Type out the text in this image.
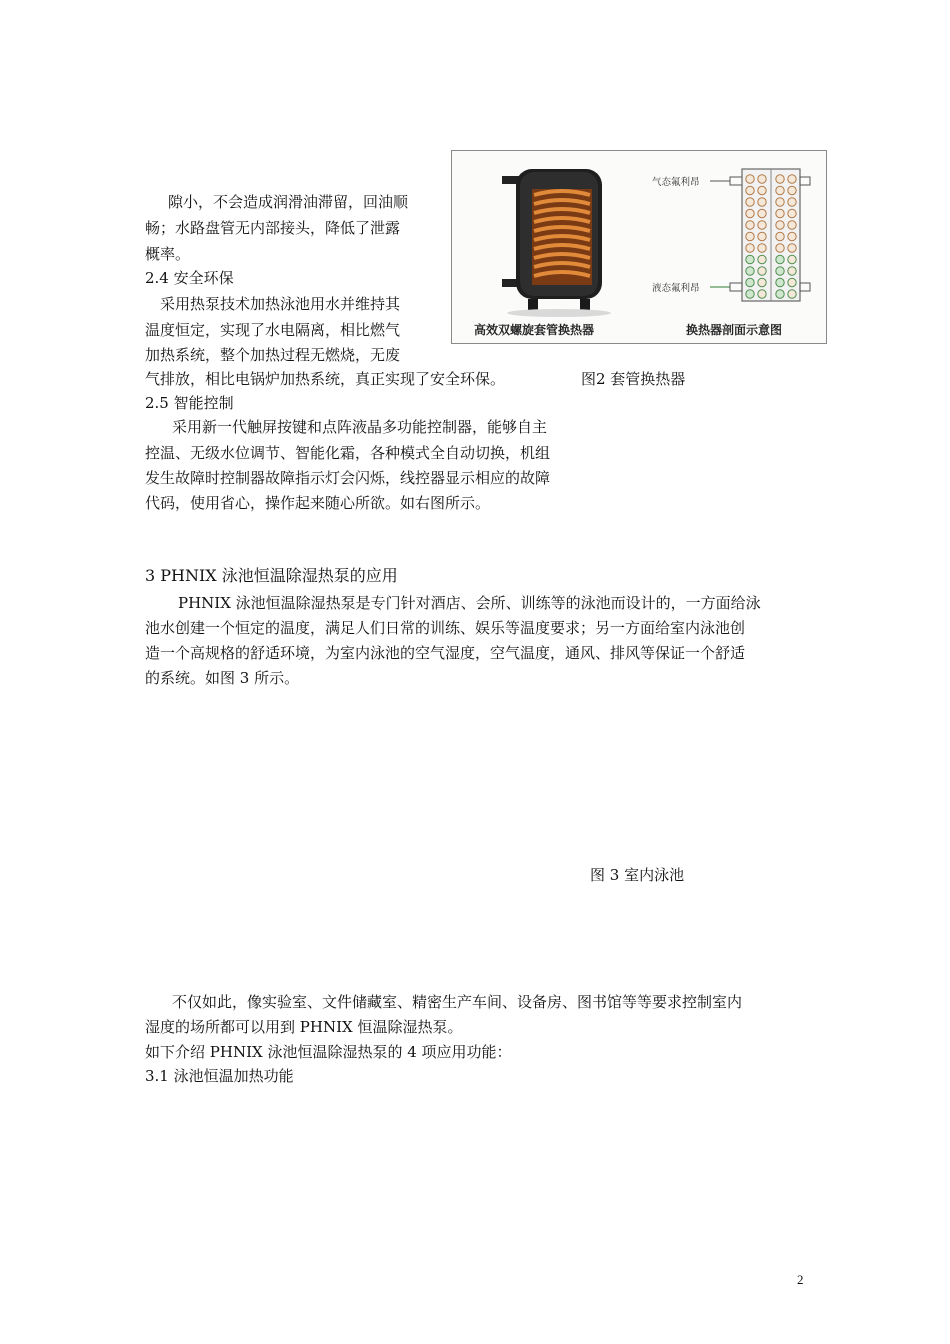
隙小，不会造成润滑油滞留，回油顺
畅；水路盘管无内部接头，降低了泄露
概率。
2.4 安全环保
采用热泵技术加热泳池用水并维持其
温度恒定，实现了水电隔离，相比燃气
加热系统，整个加热过程无燃烧，无废
气排放，相比电锅炉加热系统，真正实现了安全环保。
高效双螺旋套管换热器
气态氟利昂
液态氟利昂
换热器剖面示意图
图2 套管换热器
2.5 智能控制
采用新一代触屏按键和点阵液晶多功能控制器，能够自主
控温、无级水位调节、智能化霜，各种模式全自动切换，机组
发生故障时控制器故障指示灯会闪烁，线控器显示相应的故障
代码，使用省心，操作起来随心所欲。如右图所示。
3 PHNIX 泳池恒温除湿热泵的应用
PHNIX 泳池恒温除湿热泵是专门针对酒店、会所、训练等的泳池而设计的，一方面给泳
池水创建一个恒定的温度，满足人们日常的训练、娱乐等温度要求；另一方面给室内泳池创
造一个高规格的舒适环境，为室内泳池的空气湿度，空气温度，通风、排风等保证一个舒适
的系统。如图 3 所示。
图 3 室内泳池
不仅如此，像实验室、文件储藏室、精密生产车间、设备房、图书馆等等要求控制室内
湿度的场所都可以用到 PHNIX 恒温除湿热泵。
如下介绍 PHNIX 泳池恒温除湿热泵的 4 项应用功能：
3.1 泳池恒温加热功能
2
